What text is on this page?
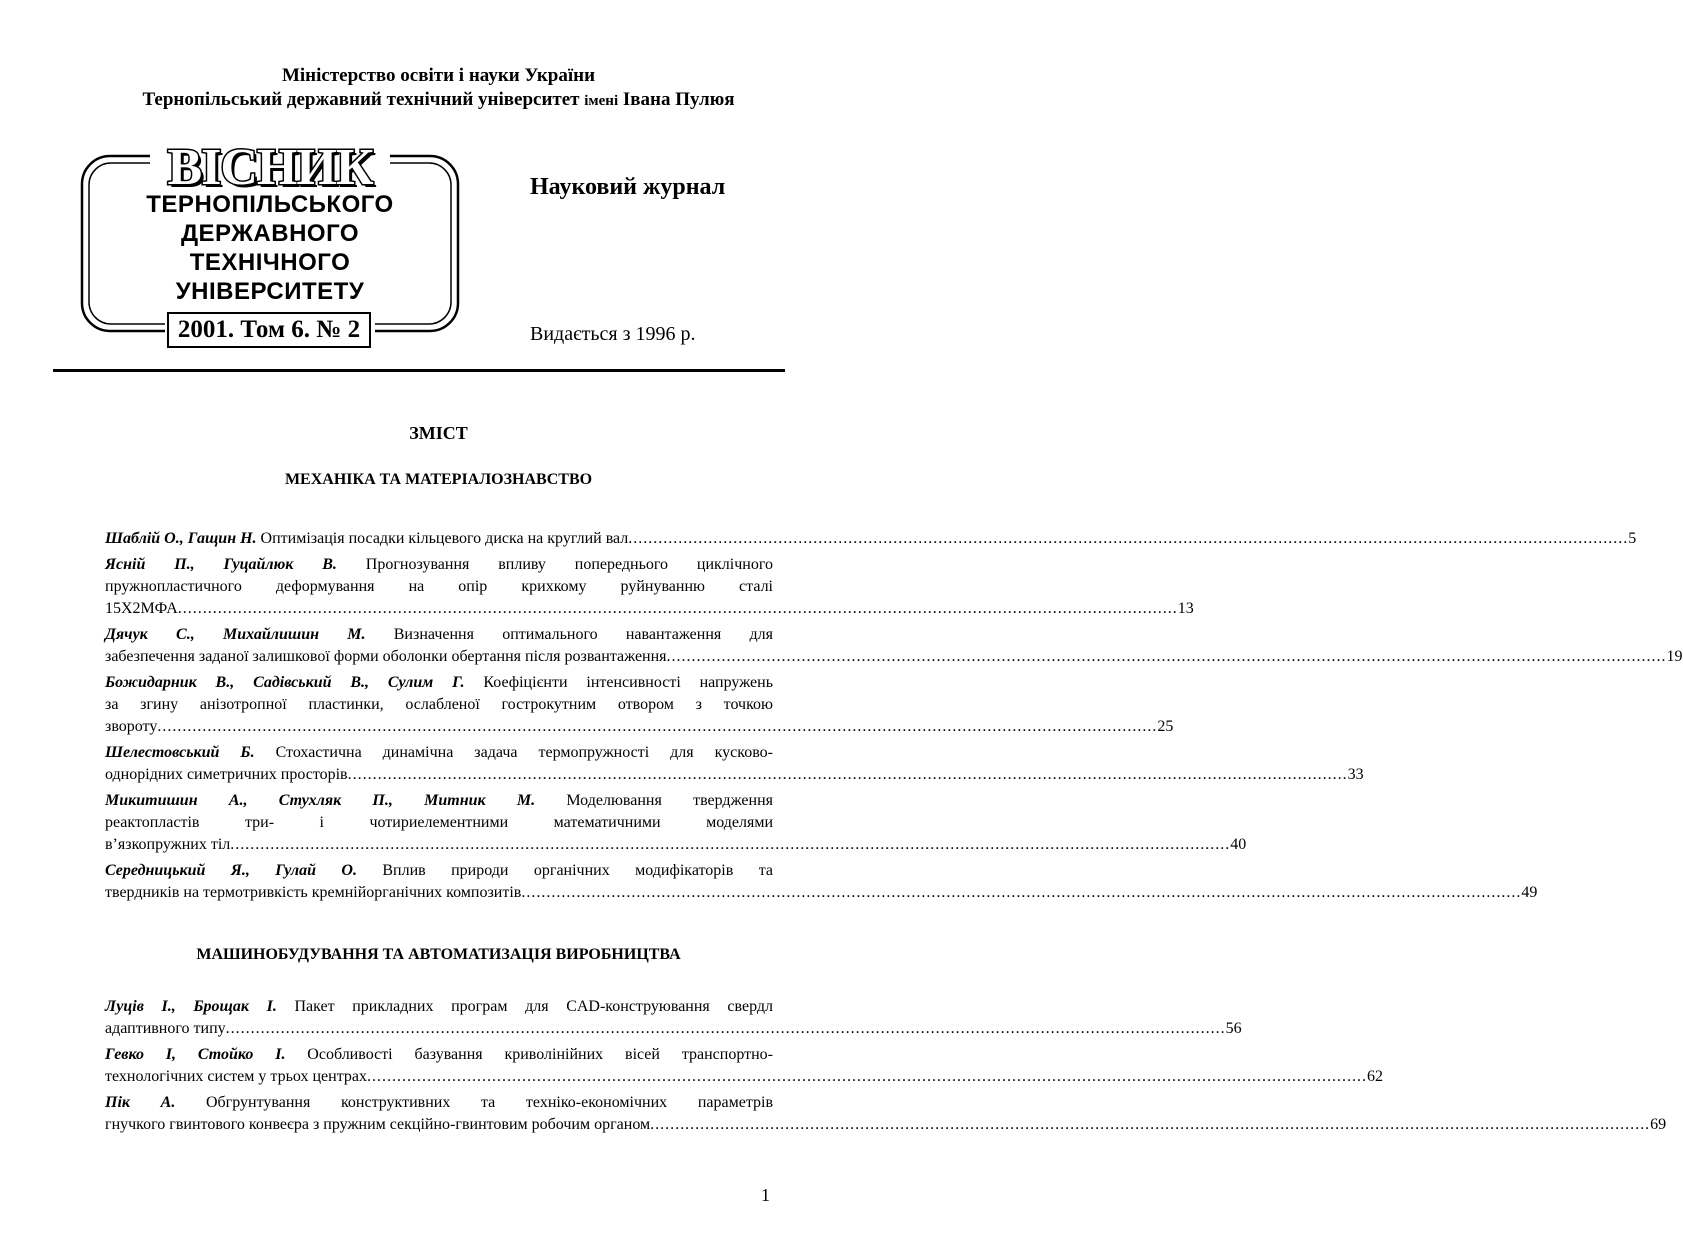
Міністерство освіти і науки України
Тернопільський державний технічний університет імені Івана Пулюя
ВІСНИК
ТЕРНОПІЛЬСЬКОГО
ДЕРЖАВНОГО
ТЕХНІЧНОГО
УНІВЕРСИТЕТУ
2001. Том 6. № 2
Науковий журнал
Видається з 1996 р.
ЗМІСТ
МЕХАНІКА ТА МАТЕРІАЛОЗНАВСТВО
Шаблій О., Гащин Н. Оптимізація посадки кільцевого диска на круглий вал ........................................................................................................................................................................................................ 5
Ясній П., Гуцайлюк В. Прогнозування впливу попереднього циклічного
пружнопластичного деформування на опір крихкому руйнуванню сталі
15Х2МФА ........................................................................................................................................................................................................ 13
Дячук С., Михайлишин М. Визначення оптимального навантаження для
забезпечення заданої залишкової форми оболонки обертання після розвантаження ........................................................................................................................................................................................................ 19
Божидарник В., Садівський В., Сулим Г. Коефіцієнти інтенсивності напружень
за згину анізотропної пластинки, ослабленої гострокутним отвором з точкою
звороту ........................................................................................................................................................................................................ 25
Шелестовський Б. Стохастична динамічна задача термопружності для кусково-
однорідних симетричних просторів ........................................................................................................................................................................................................ 33
Микитишин А., Стухляк П., Митник М. Моделювання твердження
реактопластів три- і чотириелементними математичними моделями
в’язкопружних тіл ........................................................................................................................................................................................................ 40
Середницький Я., Гулай О. Вплив природи органічних модифікаторів та
твердників на термотривкість кремнійорганічних композитів ........................................................................................................................................................................................................ 49
МАШИНОБУДУВАННЯ ТА АВТОМАТИЗАЦІЯ ВИРОБНИЦТВА
Луців І., Брощак І. Пакет прикладних програм для CAD-конструювання свердл
адаптивного типу ........................................................................................................................................................................................................ 56
Гевко І, Стойко І. Особливості базування криволінійних вісей транспортно-
технологічних систем у трьох центрах ........................................................................................................................................................................................................ 62
Пік А. Обгрунтування конструктивних та техніко-економічних параметрів
гнучкого гвинтового конвеєра з пружним секційно-гвинтовим робочим органом ........................................................................................................................................................................................................ 69
1
